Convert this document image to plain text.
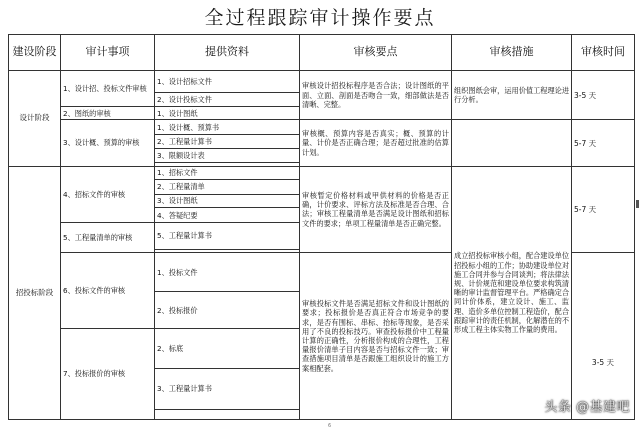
全过程跟踪审计操作要点
建设阶段	审计事项	提供资料	审核要点	审核措施	审核时间
设计阶段	1、设计招、投标文件审核	1、设计招标文件	审核设计招投标程序是否合法；设计图纸的平面、立面、剖面是否吻合一致，细部做法是否清晰、完整。	组织图纸会审，运用价值工程理论进行分析。	3-5 天

		2、设计投标文件			
	2、图纸的审核	1、设计图纸			
	3、设计概、预算的审核	1、设计概、预算书	审核概、预算内容是否真实；概、预算的计量、计价是否正确合理；是否超过批准的估算计划。		5-7 天

		2、工程量计算书			
		3、限额设计表			

招投标阶段	4、招标文件的审核	1、招标文件	审核暂定价格材料或甲供材料的价格是否正确，计价要求、评标方法及标准是否合理、合法；审核工程量清单是否满足设计图纸和招标文件的要求；单项工程量清单是否正确完整。	成立招投标审核小组，配合建设单位招投标小组的工作；协助建设单位对施工合同并参与合同谈判；将法律法规、计价规范和建设单位要求构筑清晰的审计监督管理平台。严格确定合同计价体系，建立设计、施工、监理、造价多单位控制工程造价，配合跟踪审计的责任机制，化解潜在的不形成工程主体实物工作量的费用。	5-7 天

		2、工程量清单			
		3、设计图纸			
		4、答疑纪要			
	5、工程量清单的审核	5、工程量计算书			

	6、投标文件的审核	1、投标文件	审核投标文件是否满足招标文件和设计图纸的要求；投标报价是否真正符合市场竞争的要求，是否有围标、串标、抬标等现象，是否采用了不良的投标技巧。审查投标报价中工程量计算的正确性，分析报价构成的合理性，工程量报价清单子目内容是否与招标文件一致；审查措施项目清单是否跟施工组织设计的施工方案相配套。		3-5 天

		2、投标报价			
	7、投标报价的审核	2、标底			
		3、工程量计算书			

6
头条 @基建吧
